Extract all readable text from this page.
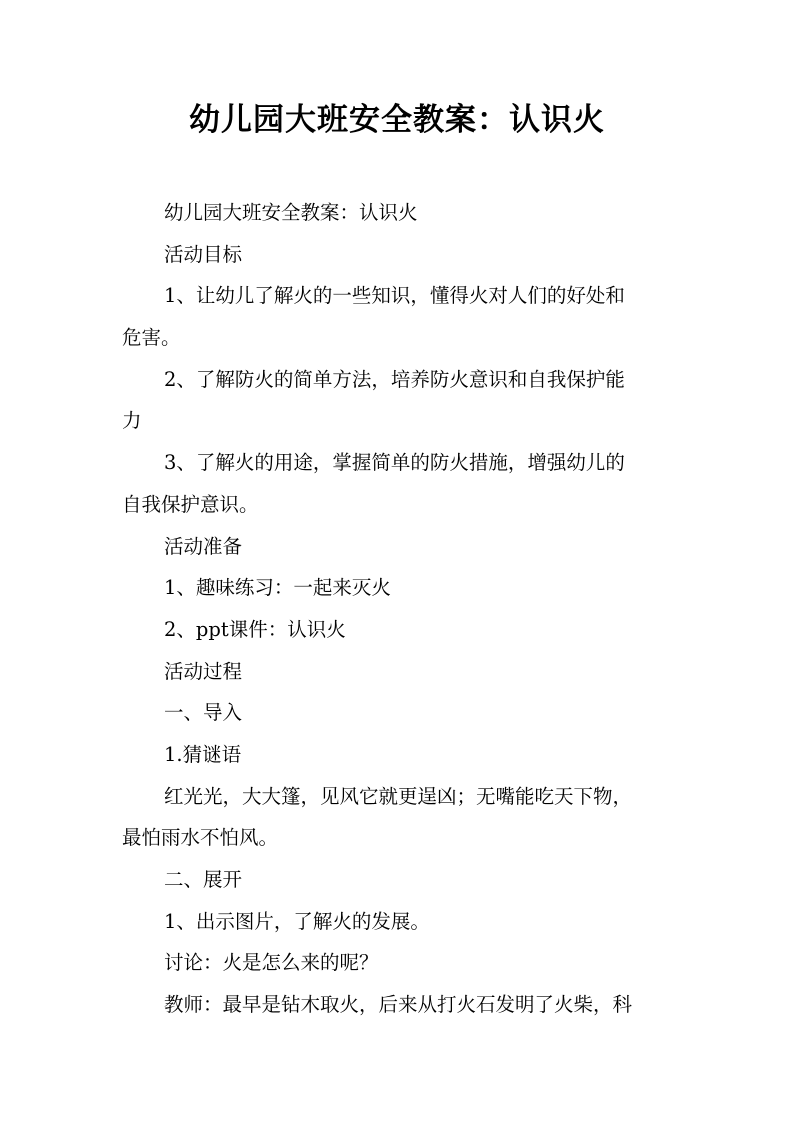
幼儿园大班安全教案：认识火

幼儿园大班安全教案：认识火

活动目标

1、让幼儿了解火的一些知识，懂得火对人们的好处和

危害。

2、了解防火的简单方法，培养防火意识和自我保护能

力

3、了解火的用途，掌握简单的防火措施，增强幼儿的

自我保护意识。

活动准备

1、趣味练习：一起来灭火

2、ppt课件：认识火

活动过程

一、导入

1.猜谜语

红光光，大大篷，见风它就更逞凶；无嘴能吃天下物，

最怕雨水不怕风。

二、展开

1、出示图片，了解火的发展。

讨论：火是怎么来的呢？

教师：最早是钻木取火，后来从打火石发明了火柴，科
